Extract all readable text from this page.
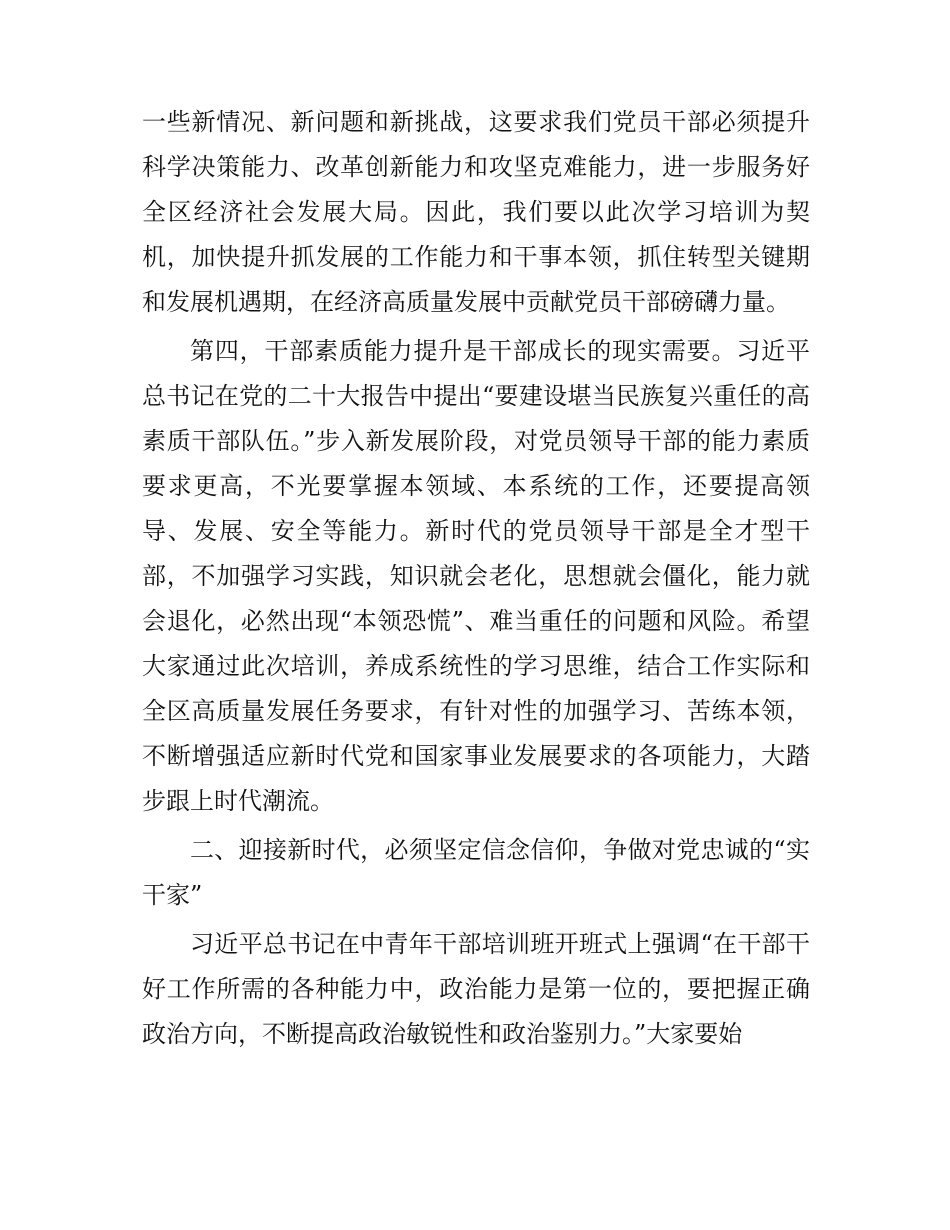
一些新情况、新问题和新挑战，这要求我们党员干部必须提升科学决策能力、改革创新能力和攻坚克难能力，进一步服务好全区经济社会发展大局。因此，我们要以此次学习培训为契机，加快提升抓发展的工作能力和干事本领，抓住转型关键期和发展机遇期，在经济高质量发展中贡献党员干部磅礴力量。

第四，干部素质能力提升是干部成长的现实需要。习近平总书记在党的二十大报告中提出“要建设堪当民族复兴重任的高素质干部队伍。”步入新发展阶段，对党员领导干部的能力素质要求更高，不光要掌握本领域、本系统的工作，还要提高领导、发展、安全等能力。新时代的党员领导干部是全才型干部，不加强学习实践，知识就会老化，思想就会僵化，能力就会退化，必然出现“本领恐慌”、难当重任的问题和风险。希望大家通过此次培训，养成系统性的学习思维，结合工作实际和全区高质量发展任务要求，有针对性的加强学习、苦练本领，不断增强适应新时代党和国家事业发展要求的各项能力，大踏步跟上时代潮流。

二、迎接新时代，必须坚定信念信仰，争做对党忠诚的“实干家”

习近平总书记在中青年干部培训班开班式上强调“在干部干好工作所需的各种能力中，政治能力是第一位的，要把握正确政治方向，不断提高政治敏锐性和政治鉴别力。”大家要始
